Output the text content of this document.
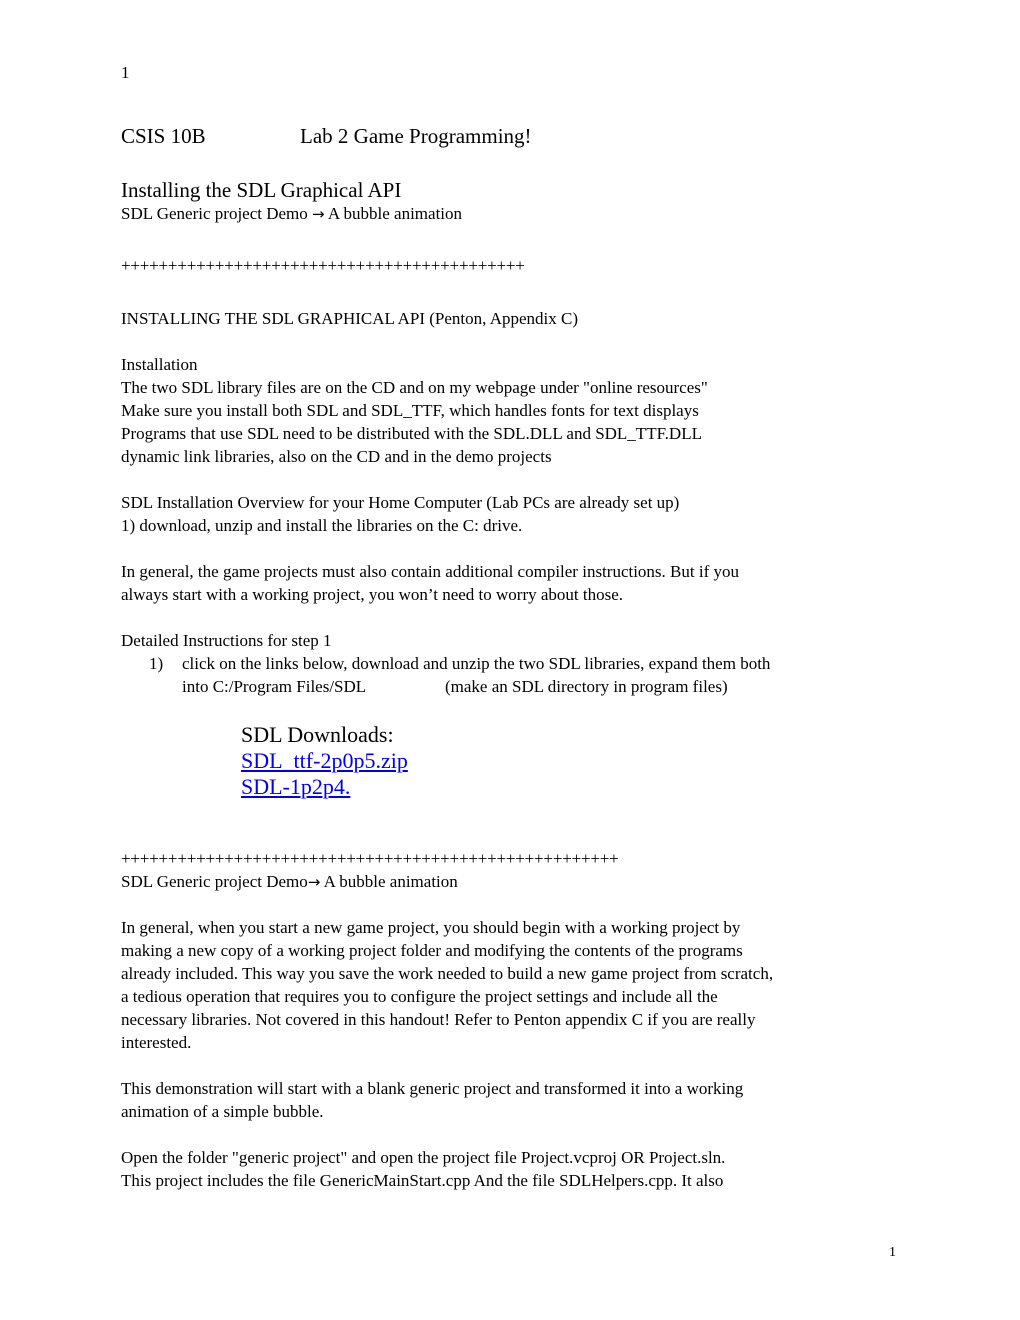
1
CSIS 10B	Lab 2 Game Programming!
Installing the SDL Graphical API
SDL Generic project Demo → A bubble animation
+++++++++++++++++++++++++++++++++++++++++++
INSTALLING THE SDL GRAPHICAL API (Penton, Appendix C)
Installation
The two SDL library files are on the CD and on my webpage under "online resources"
Make sure you install both SDL and SDL_TTF, which handles fonts for text displays
Programs that use SDL need to be distributed with the SDL.DLL and SDL_TTF.DLL
dynamic link libraries, also on the CD and in the demo projects
SDL Installation Overview for your Home Computer (Lab PCs are already set up)
1) download, unzip and install the libraries on the C: drive.
In general, the game projects must also contain additional compiler instructions. But if you
always start with a working project, you won’t need to worry about those.
Detailed Instructions for step 1
1) click on the links below, download and unzip the two SDL libraries, expand them both
into C:/Program Files/SDL	(make an SDL directory in program files)
SDL Downloads:
SDL_ttf-2p0p5.zip
SDL-1p2p4.
+++++++++++++++++++++++++++++++++++++++++++++++++++++
SDL Generic project Demo→ A bubble animation
In general, when you start a new game project, you should begin with a working project by
making a new copy of a working project folder and modifying the contents of the programs
already included. This way you save the work needed to build a new game project from scratch,
a tedious operation that requires you to configure the project settings and include all the
necessary libraries. Not covered in this handout! Refer to Penton appendix C if you are really
interested.
This demonstration will start with a blank generic project and transformed it into a working
animation of a simple bubble.
Open the folder "generic project" and open the project file Project.vcproj OR Project.sln.
This project includes the file GenericMainStart.cpp And the file SDLHelpers.cpp. It also
1
